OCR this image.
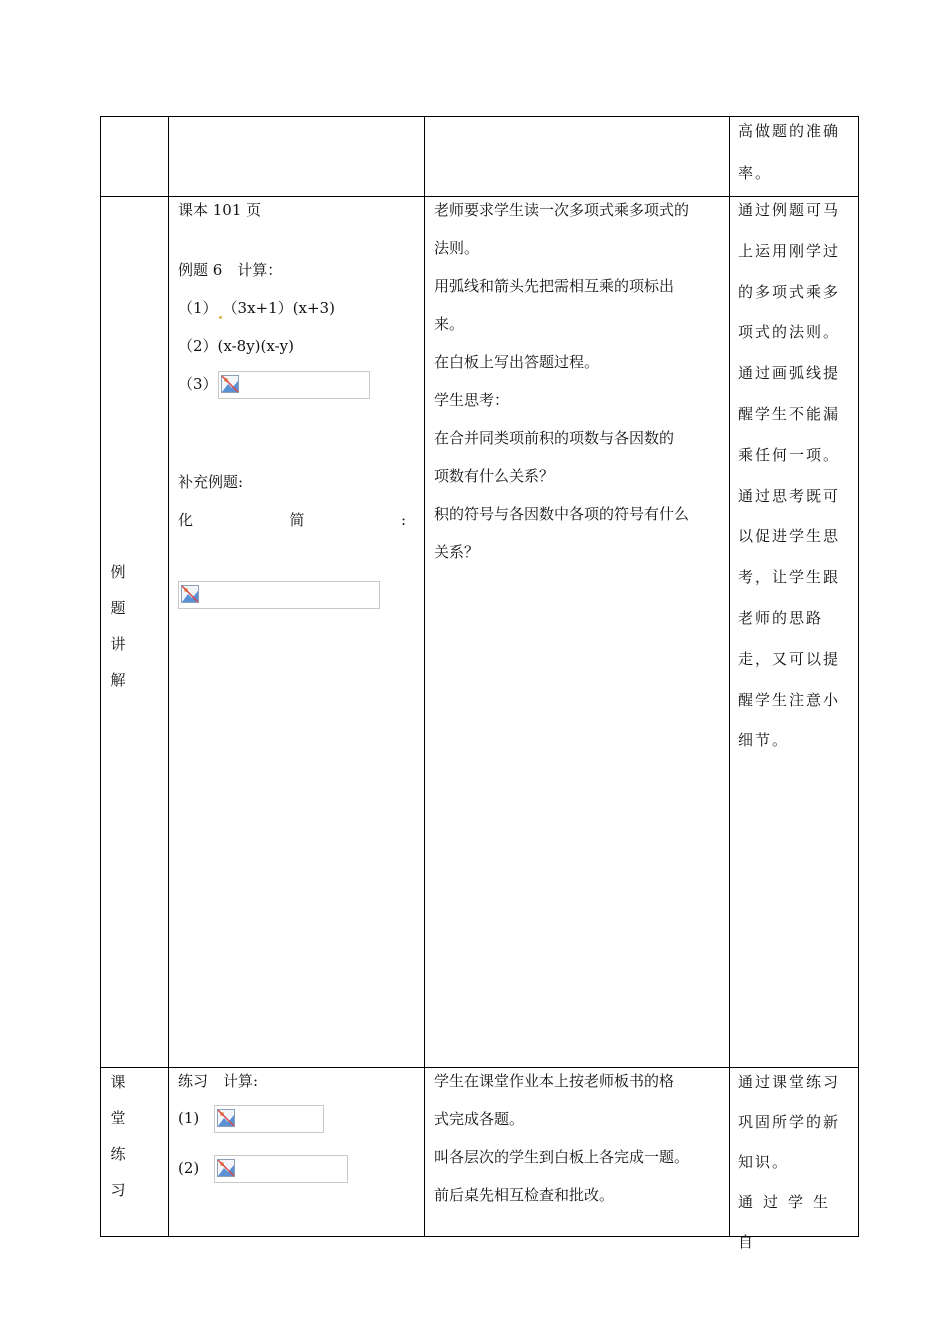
高做题的准确

率。

例
题
讲
解

课本 101 页

例题 6　计算：

（1） （3x+1）(x+3)

（2）(x-8y)(x-y)

（3）

补充例题:

化	简	:

老师要求学生读一次多项式乘多项式的

法则。

用弧线和箭头先把需相互乘的项标出

来。

在白板上写出答题过程。

学生思考：

在合并同类项前积的项数与各因数的

项数有什么关系？

积的符号与各因数中各项的符号有什么

关系？

通过例题可马

上运用刚学过

的多项式乘多

项式的法则。

通过画弧线提

醒学生不能漏

乘任何一项。

通过思考既可

以促进学生思

考，让学生跟

老师的思路

走，又可以提

醒学生注意小

细节。

课
堂
练
习

练习　计算:

(1)

(2)

学生在课堂作业本上按老师板书的格

式完成各题。

叫各层次的学生到白板上各完成一题。

前后桌先相互检查和批改。

通过课堂练习

巩固所学的新

知识。

通过学生自
